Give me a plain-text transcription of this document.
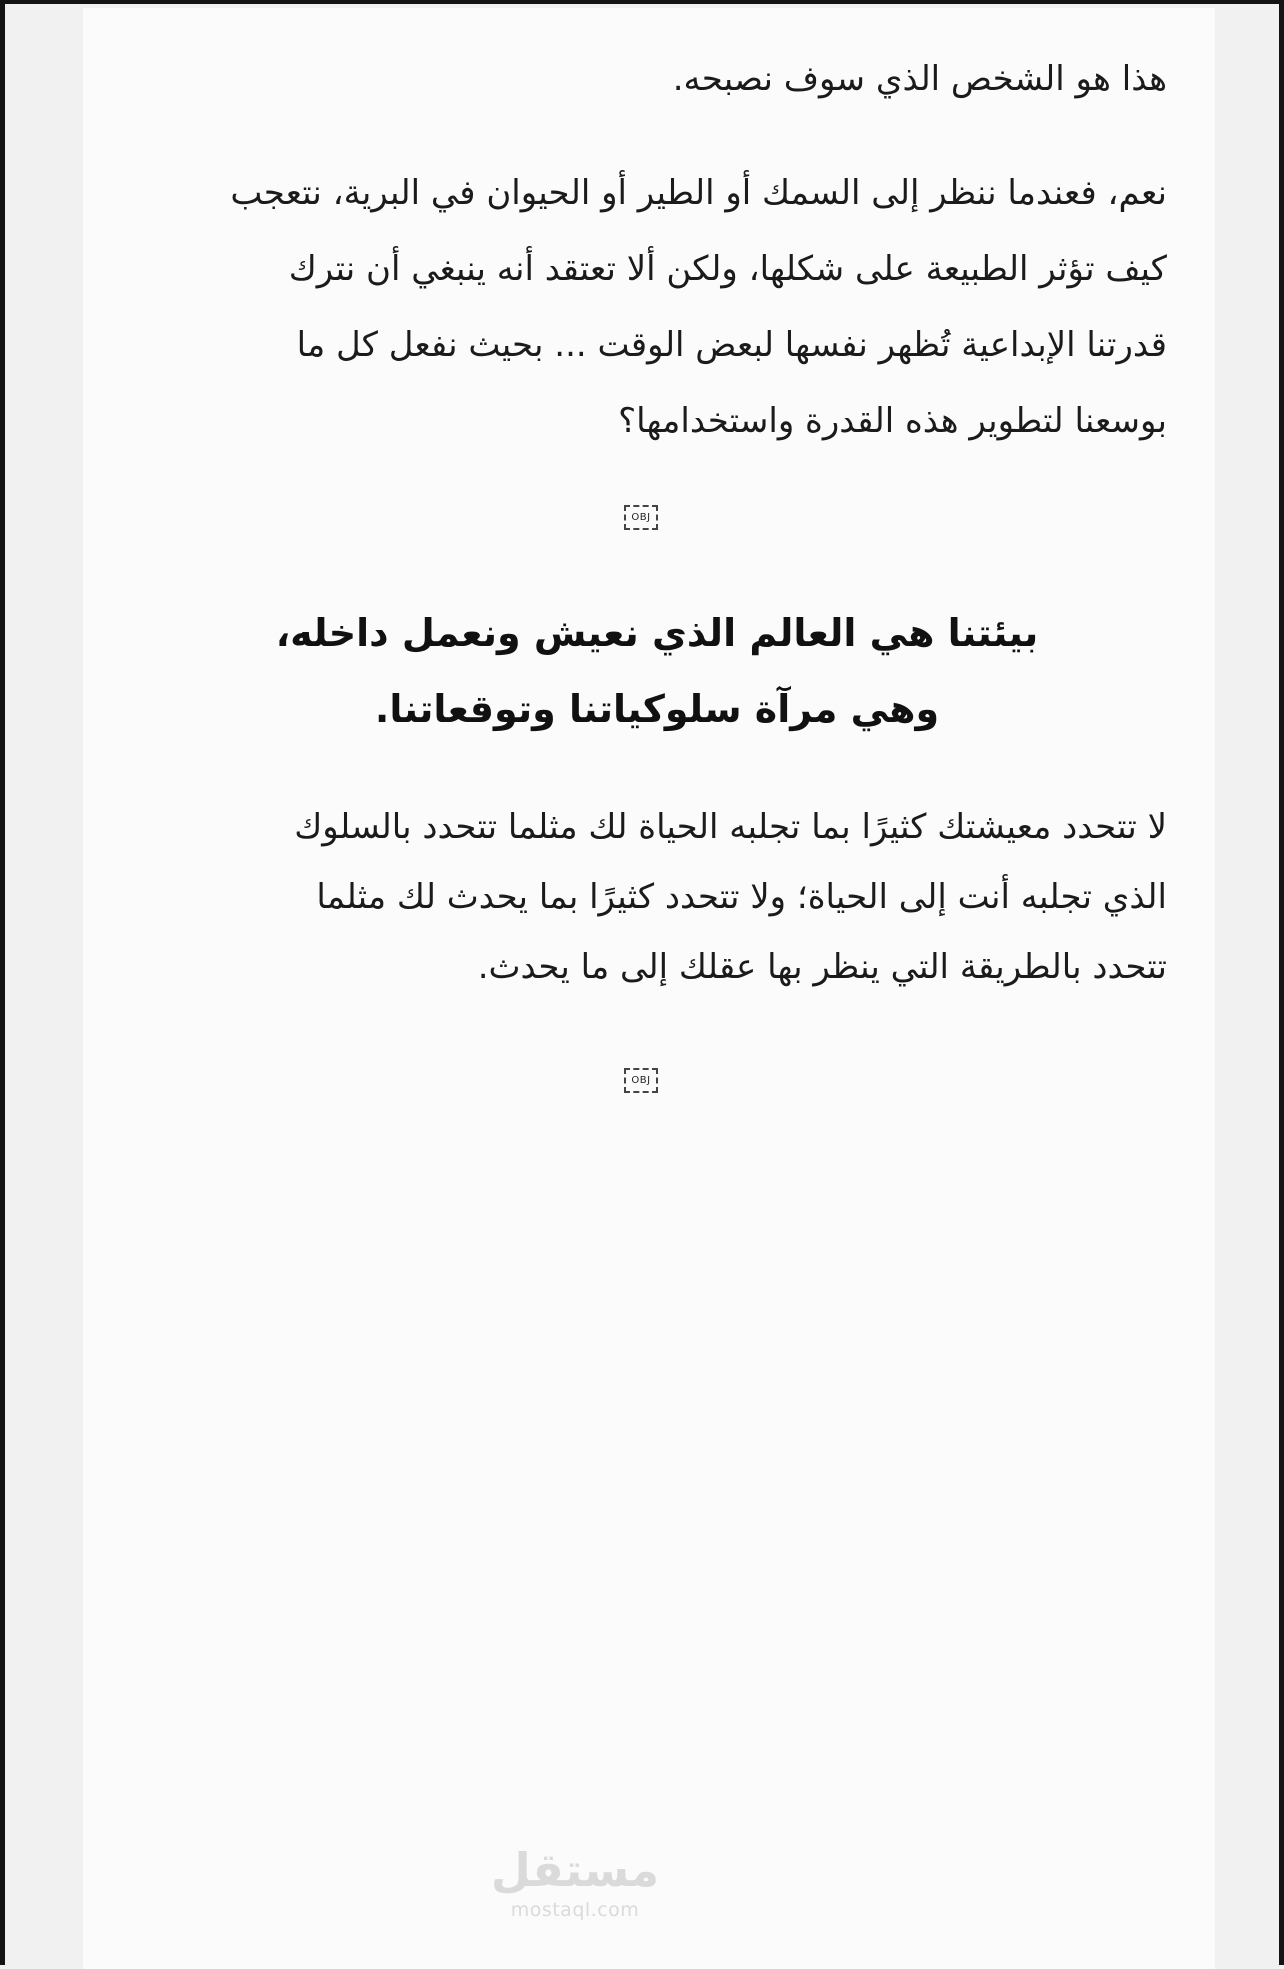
هذا هو الشخص الذي سوف نصبحه.
نعم، فعندما ننظر إلى السمك أو الطير أو الحيوان في البرية، نتعجب
كيف تؤثر الطبيعة على شكلها، ولكن ألا تعتقد أنه ينبغي أن نترك
قدرتنا الإبداعية تُظهر نفسها لبعض الوقت ... بحيث نفعل كل ما
بوسعنا لتطوير هذه القدرة واستخدامها؟
OBJ
بيئتنا هي العالم الذي نعيش ونعمل داخله،
وهي مرآة سلوكياتنا وتوقعاتنا.
لا تتحدد معيشتك كثيرًا بما تجلبه الحياة لك مثلما تتحدد بالسلوك
الذي تجلبه أنت إلى الحياة؛ ولا تتحدد كثيرًا بما يحدث لك مثلما
تتحدد بالطريقة التي ينظر بها عقلك إلى ما يحدث.
OBJ
مستقل
mostaql.com
